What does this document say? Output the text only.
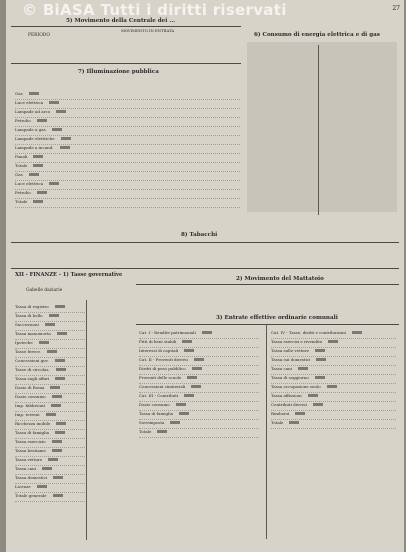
© BiASA Tutti i diritti riservati	27
5) Movimento della Centrale dei ...
PERIODO
MOVIMENTO IN ENTRATA
7) Illuminazione pubblica
Gas
Luce elettrica
Lampade ad arco
Petrolio
Lampade a gas
Lampade elettriche
Lampade a incand.
Fanali
Totale
Gas
Luce elettrica
Petrolio
Totale
6) Consumo di energia elettrica e di gas
8) Tabacchi
XII - FINANZE - 1) Tasse governative
Gabelle daziarie
Tassa di registro
Tassa di bollo
Successioni
Tassa manomorta
Ipoteche
Tasse ferrov.
Concessioni gov.
Tasse di circolaz.
Tassa sugli affari
Dazio di Roma
Dazio consumo
Imp. fabbricati
Imp. terreni
Ricchezza mobile
Tassa di famiglia
Tassa esercizio
Tassa bestiame
Tassa vetture
Tassa cani
Tassa domestici
Licenze
Totale generale
2) Movimento del Mattatoio
3) Entrate effettive ordinarie comunali
Cat. I - Rendite patrimoniali
Fitti di beni stabili
Interessi di capitali
Cat. II - Proventi diversi
Diritti di peso pubblico
Proventi delle scuole
Concessioni cimiteriali
Cat. III - Contributi
Dazio consumo
Tassa di famiglia
Sovrimposta
Totale
Cat. IV - Tasse, diritti e contribuzioni
Tassa esercizi e rivendite
Tassa sulle vetture
Tassa sui domestici
Tassa cani
Tassa di soggiorno
Tassa occupazione suolo
Tassa affissioni
Contributi diversi
Rimborsi
Totale
